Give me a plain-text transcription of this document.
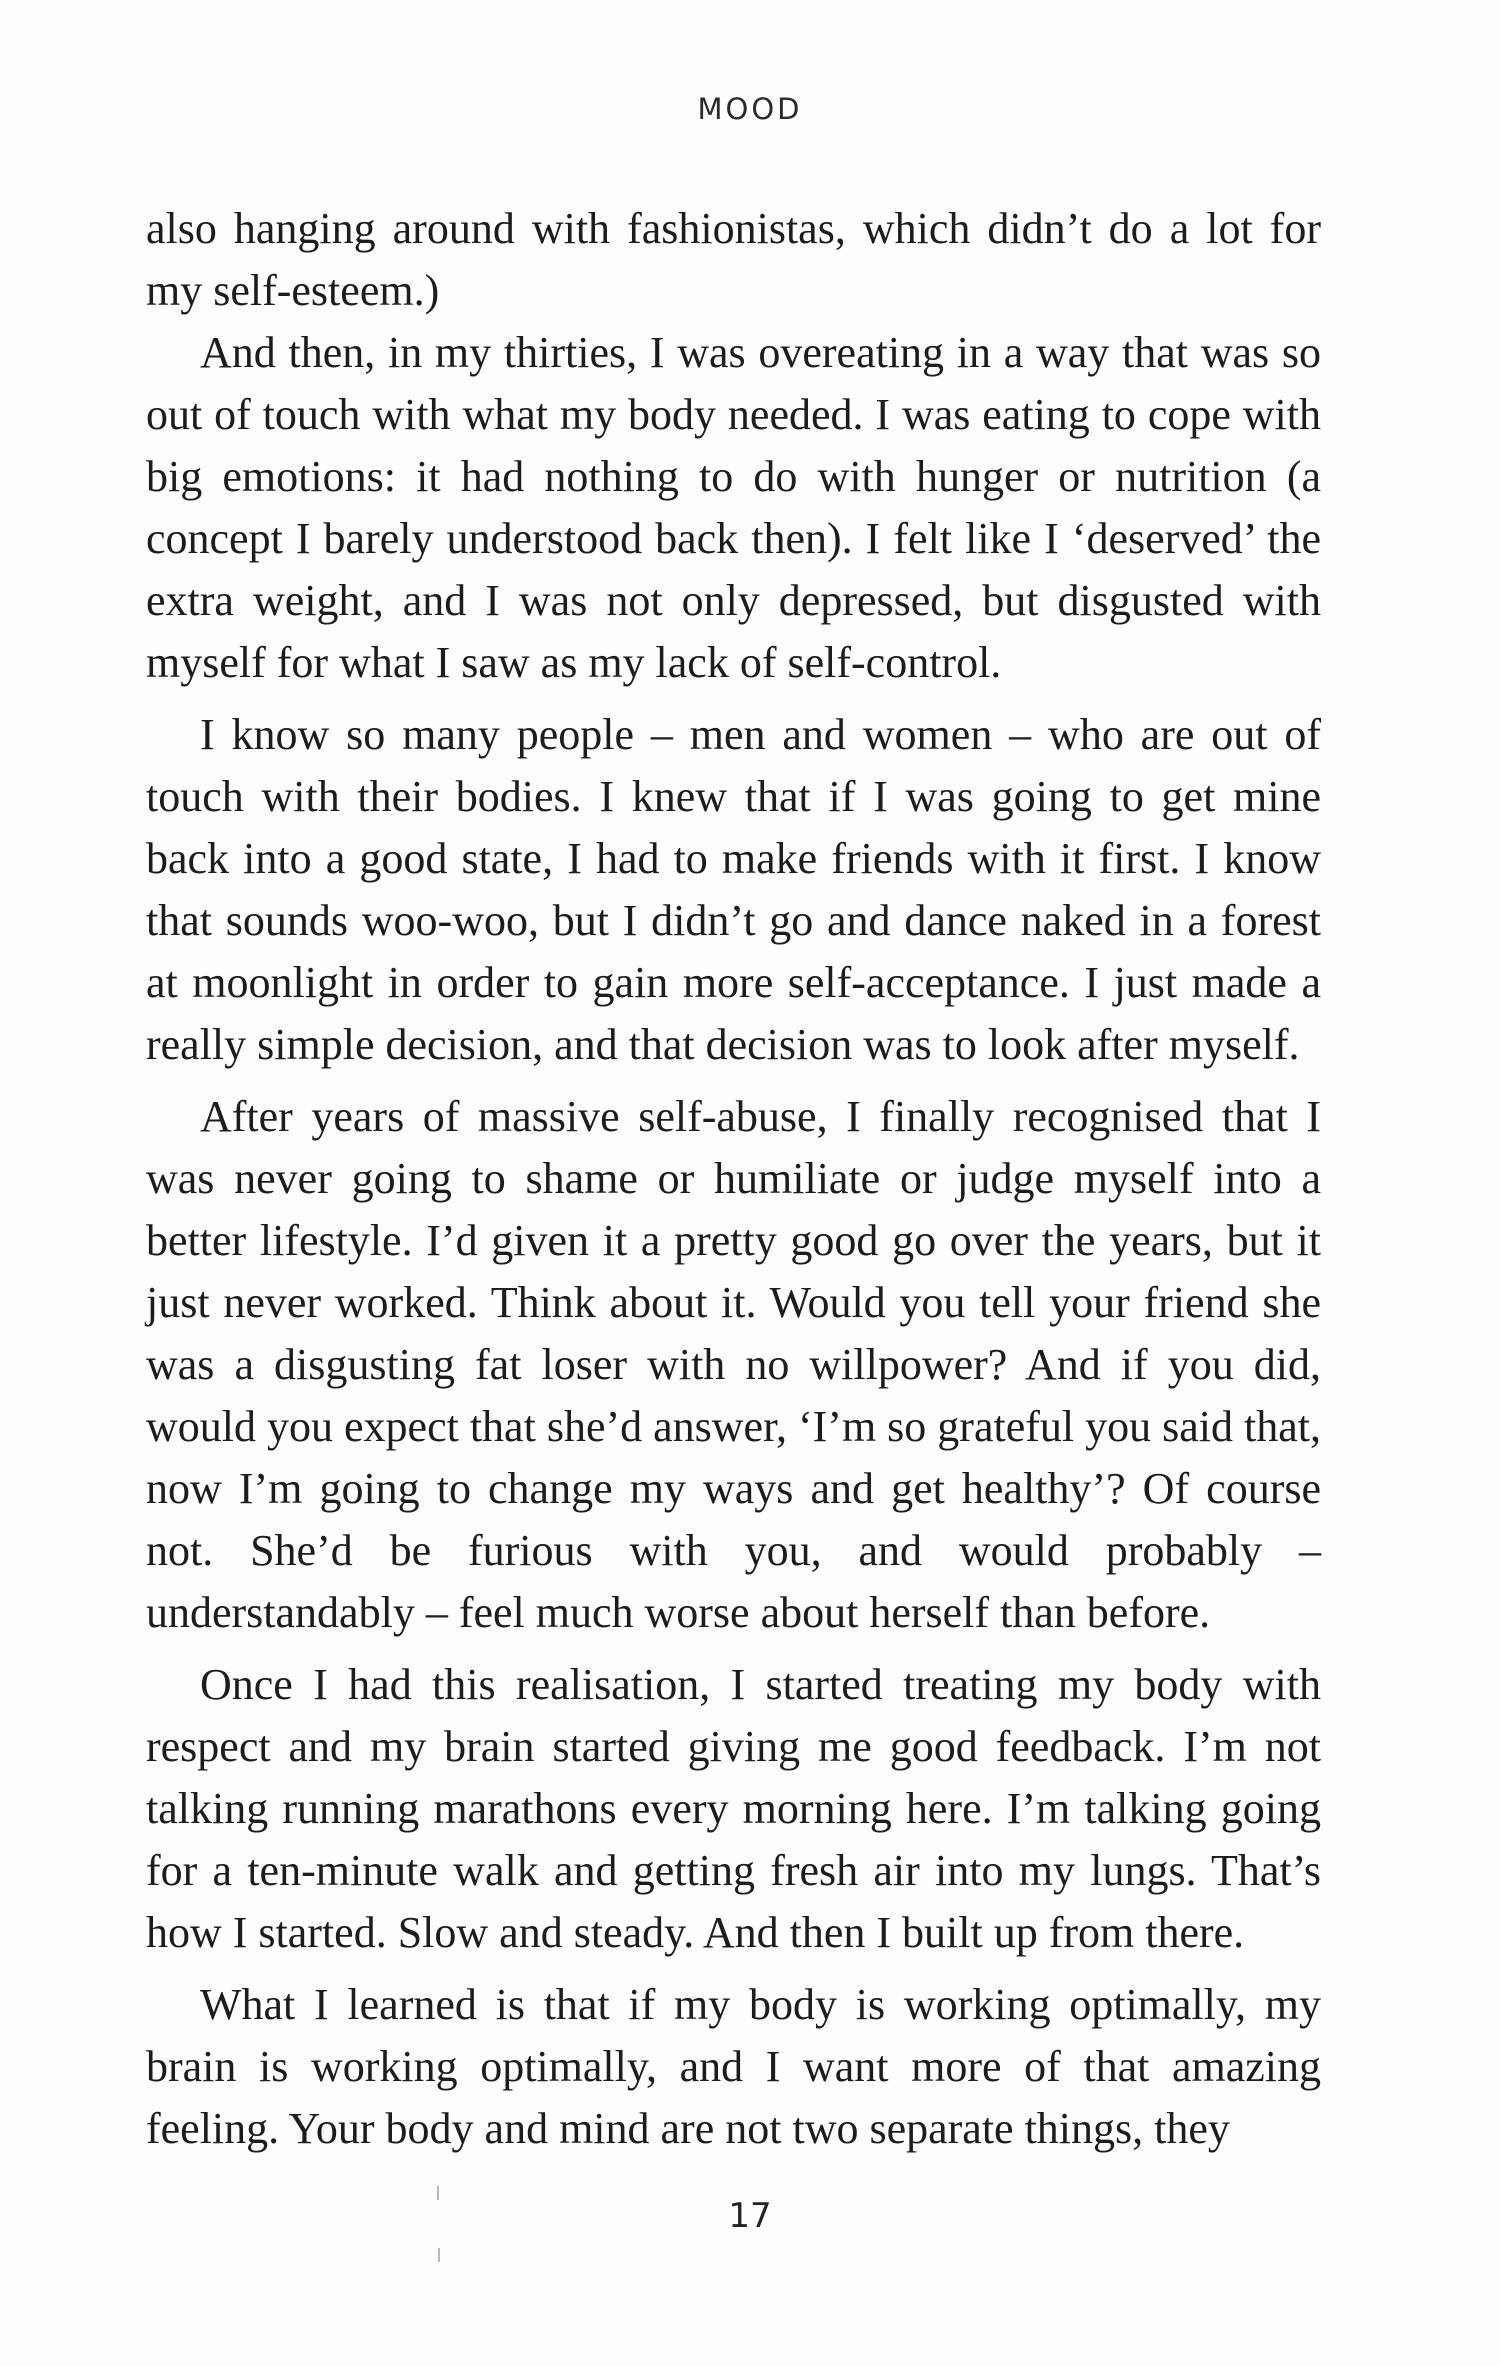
MOOD

also hanging around with fashionistas, which didn’t do a lot for my self-esteem.)

And then, in my thirties, I was overeating in a way that was so out of touch with what my body needed. I was eating to cope with big emotions: it had nothing to do with hunger or nutrition (a concept I barely understood back then). I felt like I ‘deserved’ the extra weight, and I was not only depressed, but disgusted with myself for what I saw as my lack of self-control.

I know so many people – men and women – who are out of touch with their bodies. I knew that if I was going to get mine back into a good state, I had to make friends with it first. I know that sounds woo-woo, but I didn’t go and dance naked in a forest at moonlight in order to gain more self-acceptance. I just made a really simple decision, and that decision was to look after myself.

After years of massive self-abuse, I finally recognised that I was never going to shame or humiliate or judge myself into a better lifestyle. I’d given it a pretty good go over the years, but it just never worked. Think about it. Would you tell your friend she was a disgusting fat loser with no willpower? And if you did, would you expect that she’d answer, ‘I’m so grateful you said that, now I’m going to change my ways and get healthy’? Of course not. She’d be furious with you, and would probably – understandably – feel much worse about herself than before.

Once I had this realisation, I started treating my body with respect and my brain started giving me good feedback. I’m not talking running marathons every morning here. I’m talking going for a ten-minute walk and getting fresh air into my lungs. That’s how I started. Slow and steady. And then I built up from there.

What I learned is that if my body is working optimally, my brain is working optimally, and I want more of that amazing feeling. Your body and mind are not two separate things, they

17
